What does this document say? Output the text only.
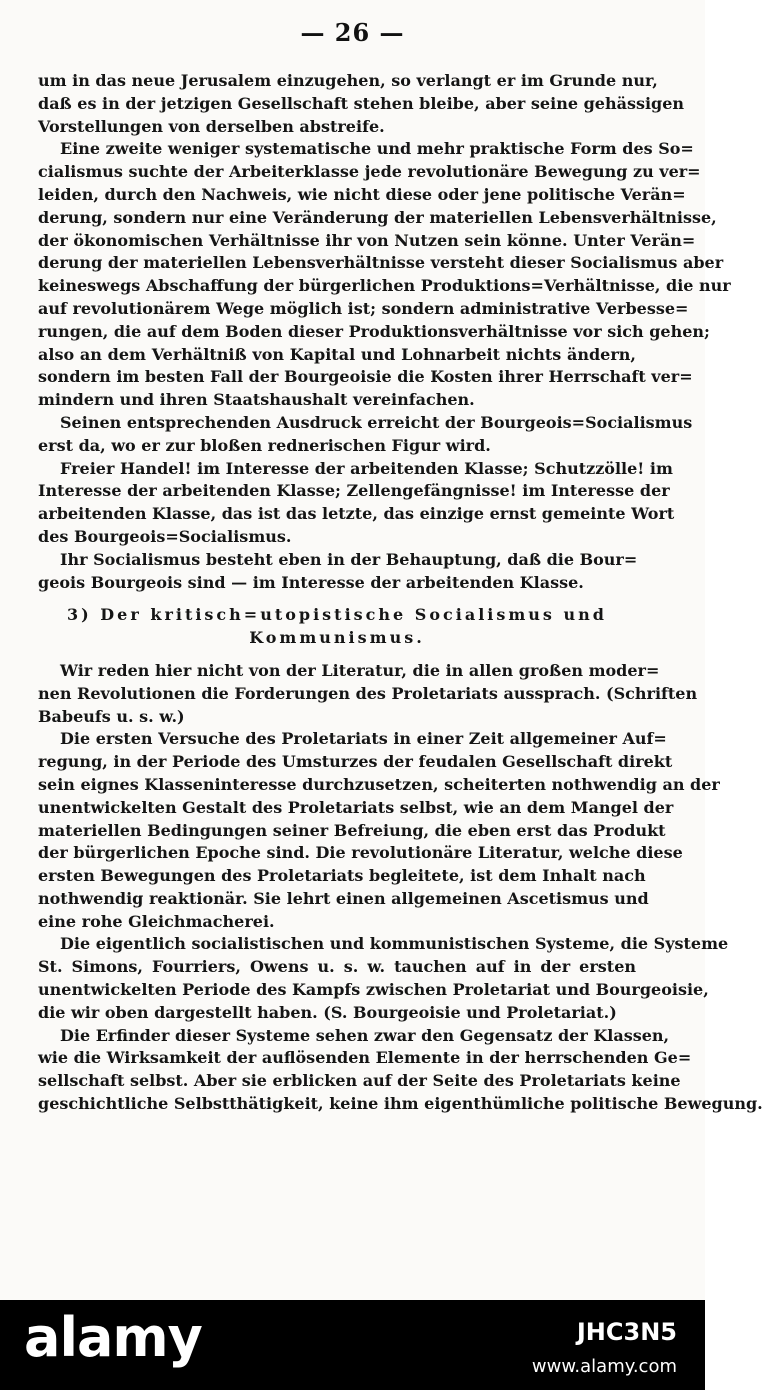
— 26 —
um in das neue Jerusalem einzugehen, so verlangt er im Grunde nur,
daß es in der jetzigen Gesellschaft stehen bleibe, aber seine gehässigen
Vorstellungen von derselben abstreife.
Eine zweite weniger systematische und mehr praktische Form des So=
cialismus suchte der Arbeiterklasse jede revolutionäre Bewegung zu ver=
leiden, durch den Nachweis, wie nicht diese oder jene politische Verän=
derung, sondern nur eine Veränderung der materiellen Lebensverhältnisse,
der ökonomischen Verhältnisse ihr von Nutzen sein könne. Unter Verän=
derung der materiellen Lebensverhältnisse versteht dieser Socialismus aber
keineswegs Abschaffung der bürgerlichen Produktions=Verhältnisse, die nur
auf revolutionärem Wege möglich ist; sondern administrative Verbesse=
rungen, die auf dem Boden dieser Produktionsverhältnisse vor sich gehen;
also an dem Verhältniß von Kapital und Lohnarbeit nichts ändern,
sondern im besten Fall der Bourgeoisie die Kosten ihrer Herrschaft ver=
mindern und ihren Staatshaushalt vereinfachen.
Seinen entsprechenden Ausdruck erreicht der Bourgeois=Socialismus
erst da, wo er zur bloßen rednerischen Figur wird.
Freier Handel! im Interesse der arbeitenden Klasse; Schutzzölle! im
Interesse der arbeitenden Klasse; Zellengefängnisse! im Interesse der
arbeitenden Klasse, das ist das letzte, das einzige ernst gemeinte Wort
des Bourgeois=Socialismus.
Ihr Socialismus besteht eben in der Behauptung, daß die Bour=
geois Bourgeois sind — im Interesse der arbeitenden Klasse.
3) Der kritisch=utopistische Socialismus und
Kommunismus.
Wir reden hier nicht von der Literatur, die in allen großen moder=
nen Revolutionen die Forderungen des Proletariats aussprach. (Schriften
Babeufs u. s. w.)
Die ersten Versuche des Proletariats in einer Zeit allgemeiner Auf=
regung, in der Periode des Umsturzes der feudalen Gesellschaft direkt
sein eignes Klasseninteresse durchzusetzen, scheiterten nothwendig an der
unentwickelten Gestalt des Proletariats selbst, wie an dem Mangel der
materiellen Bedingungen seiner Befreiung, die eben erst das Produkt
der bürgerlichen Epoche sind. Die revolutionäre Literatur, welche diese
ersten Bewegungen des Proletariats begleitete, ist dem Inhalt nach
nothwendig reaktionär. Sie lehrt einen allgemeinen Ascetismus und
eine rohe Gleichmacherei.
Die eigentlich socialistischen und kommunistischen Systeme, die Systeme
St. Simons, Fourriers, Owens u. s. w. tauchen auf in der ersten
unentwickelten Periode des Kampfs zwischen Proletariat und Bourgeoisie,
die wir oben dargestellt haben. (S. Bourgeoisie und Proletariat.)
Die Erfinder dieser Systeme sehen zwar den Gegensatz der Klassen,
wie die Wirksamkeit der auflösenden Elemente in der herrschenden Ge=
sellschaft selbst. Aber sie erblicken auf der Seite des Proletariats keine
geschichtliche Selbstthätigkeit, keine ihm eigenthümliche politische Bewegung.
alamy	JHC3N5
www.alamy.com
